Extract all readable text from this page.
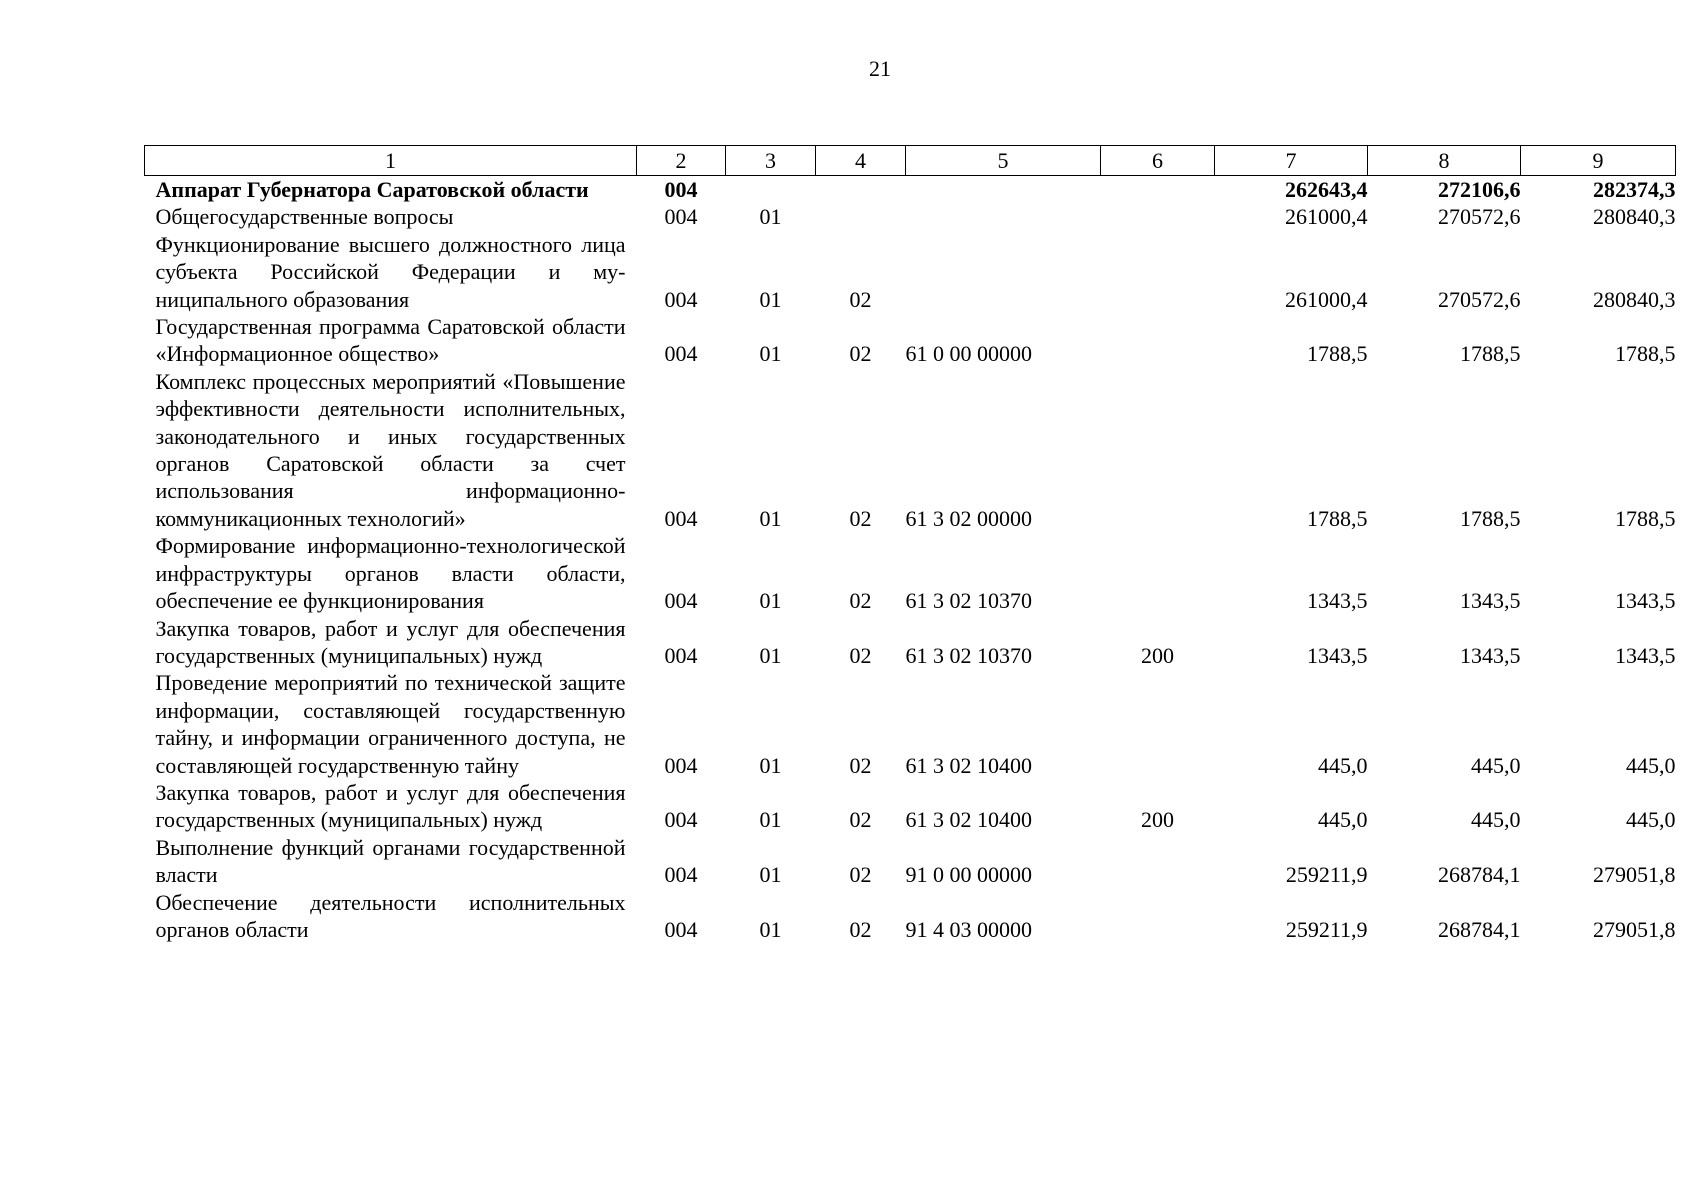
21
1	2	3	4	5	6	7	8	9
Аппарат Губернатора Саратовской области	004					262643,4	272106,6	282374,3
Общегосударственные вопросы	004	01				261000,4	270572,6	280840,3
Функционирование высшего должностного лица субъекта Российской Федерации и муниципального образования	004	01	02			261000,4	270572,6	280840,3
Государственная программа Саратовской области «Информационное общество»	004	01	02	61 0 00 00000		1788,5	1788,5	1788,5
Комплекс процессных мероприятий «Повышение эффективности деятельности исполнительных, законодательного и иных государственных органов Саратовской области за счет использования информационно-коммуникационных технологий»	004	01	02	61 3 02 00000		1788,5	1788,5	1788,5
Формирование информационно-технологической инфраструктуры органов власти области, обеспечение ее функционирования	004	01	02	61 3 02 10370		1343,5	1343,5	1343,5
Закупка товаров, работ и услуг для обеспечения государственных (муниципальных) нужд	004	01	02	61 3 02 10370	200	1343,5	1343,5	1343,5
Проведение мероприятий по технической защите информации, составляющей государственную тайну, и информации ограниченного доступа, не составляющей государственную тайну	004	01	02	61 3 02 10400		445,0	445,0	445,0
Закупка товаров, работ и услуг для обеспечения государственных (муниципальных) нужд	004	01	02	61 3 02 10400	200	445,0	445,0	445,0
Выполнение функций органами государственной власти	004	01	02	91 0 00 00000		259211,9	268784,1	279051,8
Обеспечение деятельности исполнительных органов области	004	01	02	91 4 03 00000		259211,9	268784,1	279051,8
